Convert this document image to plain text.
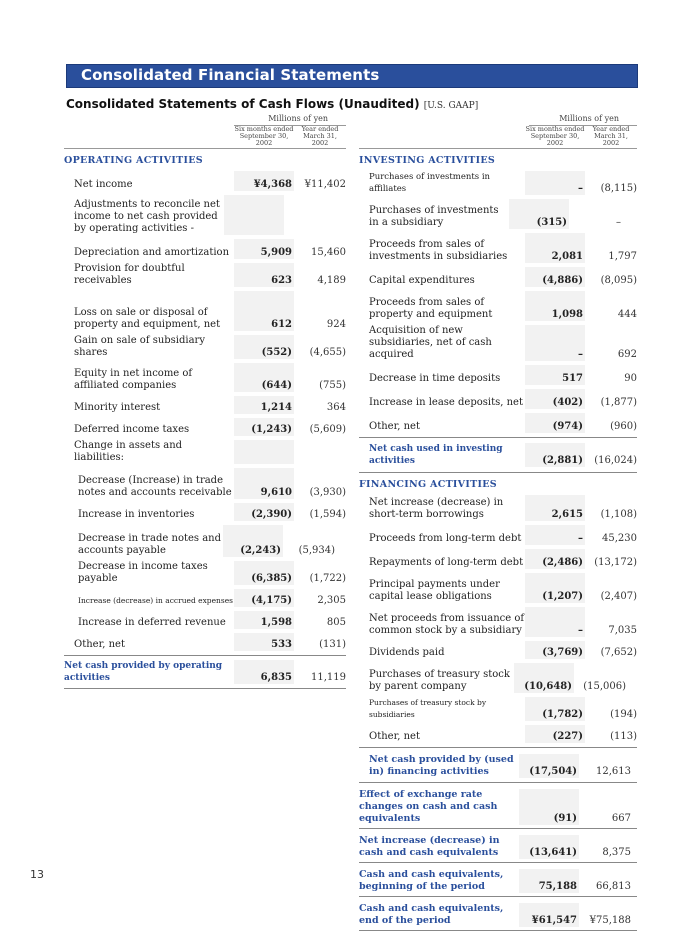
Consolidated Financial Statements
Consolidated Statements of Cash Flows (Unaudited) [U.S. GAAP]
Millions of yen
Six months ended
September 30, 2002
Year ended
March 31, 2002
OPERATING ACTIVITIES
Net income	¥4,368	¥11,402
Adjustments to reconcile net income to net cash provided by operating activities -
Depreciation and amortization	5,909	15,460
Provision for doubtful receivables	623	4,189
Loss on sale or disposal of property and equipment, net	612	924
Gain on sale of subsidiary shares	(552)	(4,655)
Equity in net income of affiliated companies	(644)	(755)
Minority interest	1,214	364
Deferred income taxes	(1,243)	(5,609)
Change in assets and liabilities:
Decrease (Increase) in trade notes and accounts receivable	9,610	(3,930)
Increase in inventories	(2,390)	(1,594)
Decrease in trade notes and accounts payable	(2,243)	(5,934)
Decrease in income taxes payable	(6,385)	(1,722)
Increase (decrease) in accrued expenses	(4,175)	2,305
Increase in deferred revenue	1,598	805
Other, net	533	(131)
Net cash provided by operating activities	6,835	11,119
Millions of yen
Six months ended
September 30, 2002
Year ended
March 31, 2002
INVESTING ACTIVITIES
Purchases of investments in affiliates	–	(8,115)
Purchases of investments in a subsidiary	(315)	–
Proceeds from sales of investments in subsidiaries	2,081	1,797
Capital expenditures	(4,886)	(8,095)
Proceeds from sales of property and equipment	1,098	444
Acquisition of new subsidiaries, net of cash acquired	–	692
Decrease in time deposits	517	90
Increase in lease deposits, net	(402)	(1,877)
Other, net	(974)	(960)
Net cash used in investing activities	(2,881)	(16,024)
FINANCING ACTIVITIES
Net increase (decrease) in short-term borrowings	2,615	(1,108)
Proceeds from long-term debt	–	45,230
Repayments of long-term debt	(2,486)	(13,172)
Principal payments under capital lease obligations	(1,207)	(2,407)
Net proceeds from issuance of common stock by a subsidiary	–	7,035
Dividends paid	(3,769)	(7,652)
Purchases of treasury stock by parent company	(10,648)	(15,006)
Purchases of treasury stock by subsidiaries	(1,782)	(194)
Other, net	(227)	(113)
Net cash provided by (used in) financing activities	(17,504)	12,613
Effect of exchange rate changes on cash and cash equivalents	(91)	667
Net increase (decrease) in cash and cash equivalents	(13,641)	8,375
Cash and cash equivalents, beginning of the period	75,188	66,813
Cash and cash equivalents, end of the period	¥61,547	¥75,188
13
